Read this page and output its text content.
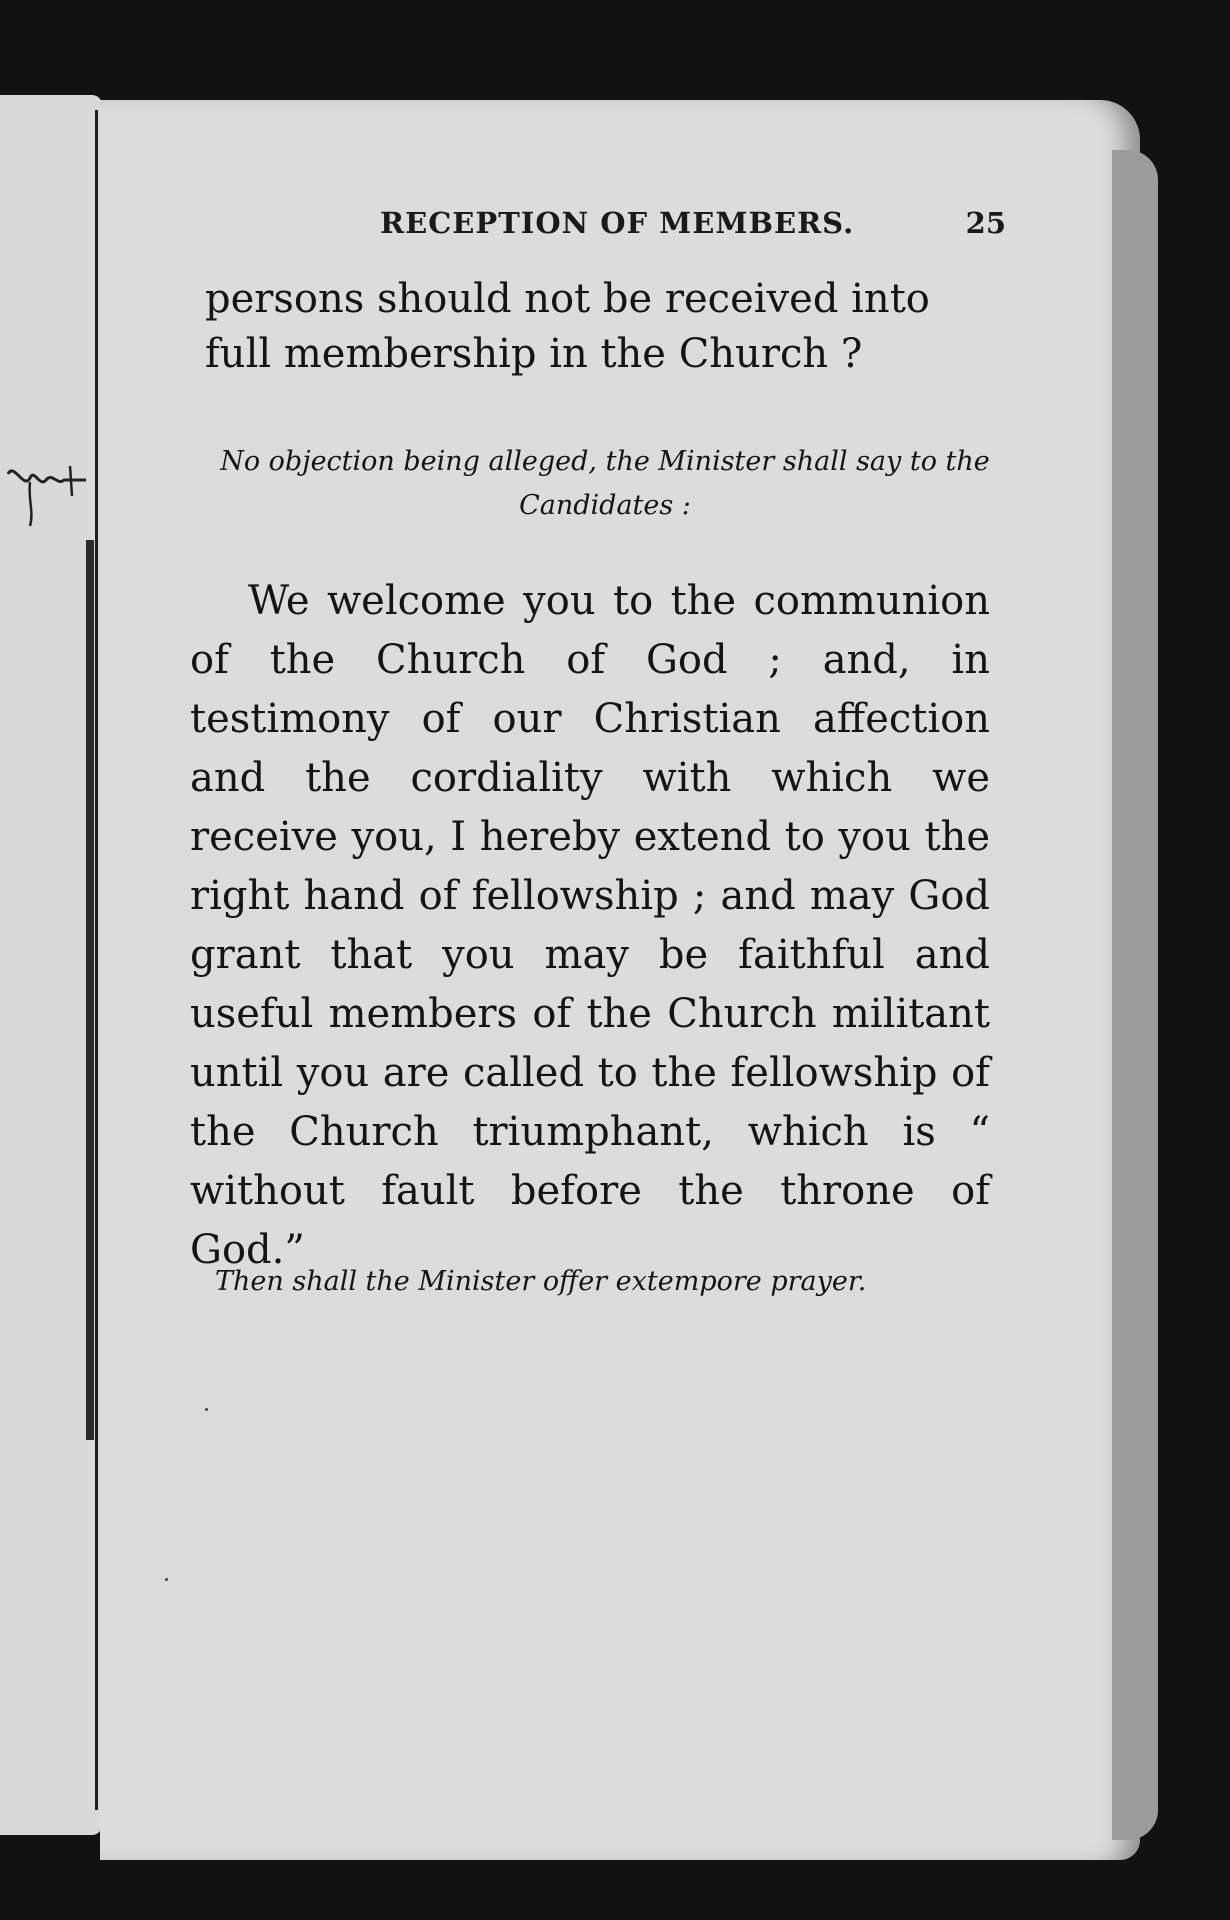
RECEPTION OF MEMBERS.	25

persons should not be received into full membership in the Church ?

No objection being alleged, the Minister shall say to the Candidates :

We welcome you to the communion of the Church of God ; and, in testimony of our Christian affection and the cordiality with which we receive you, I hereby extend to you the right hand of fellowship ; and may God grant that you may be faithful and useful members of the Church militant until you are called to the fellowship of the Church triumphant, which is “ without fault before the throne of God.”

Then shall the Minister offer extempore prayer.
